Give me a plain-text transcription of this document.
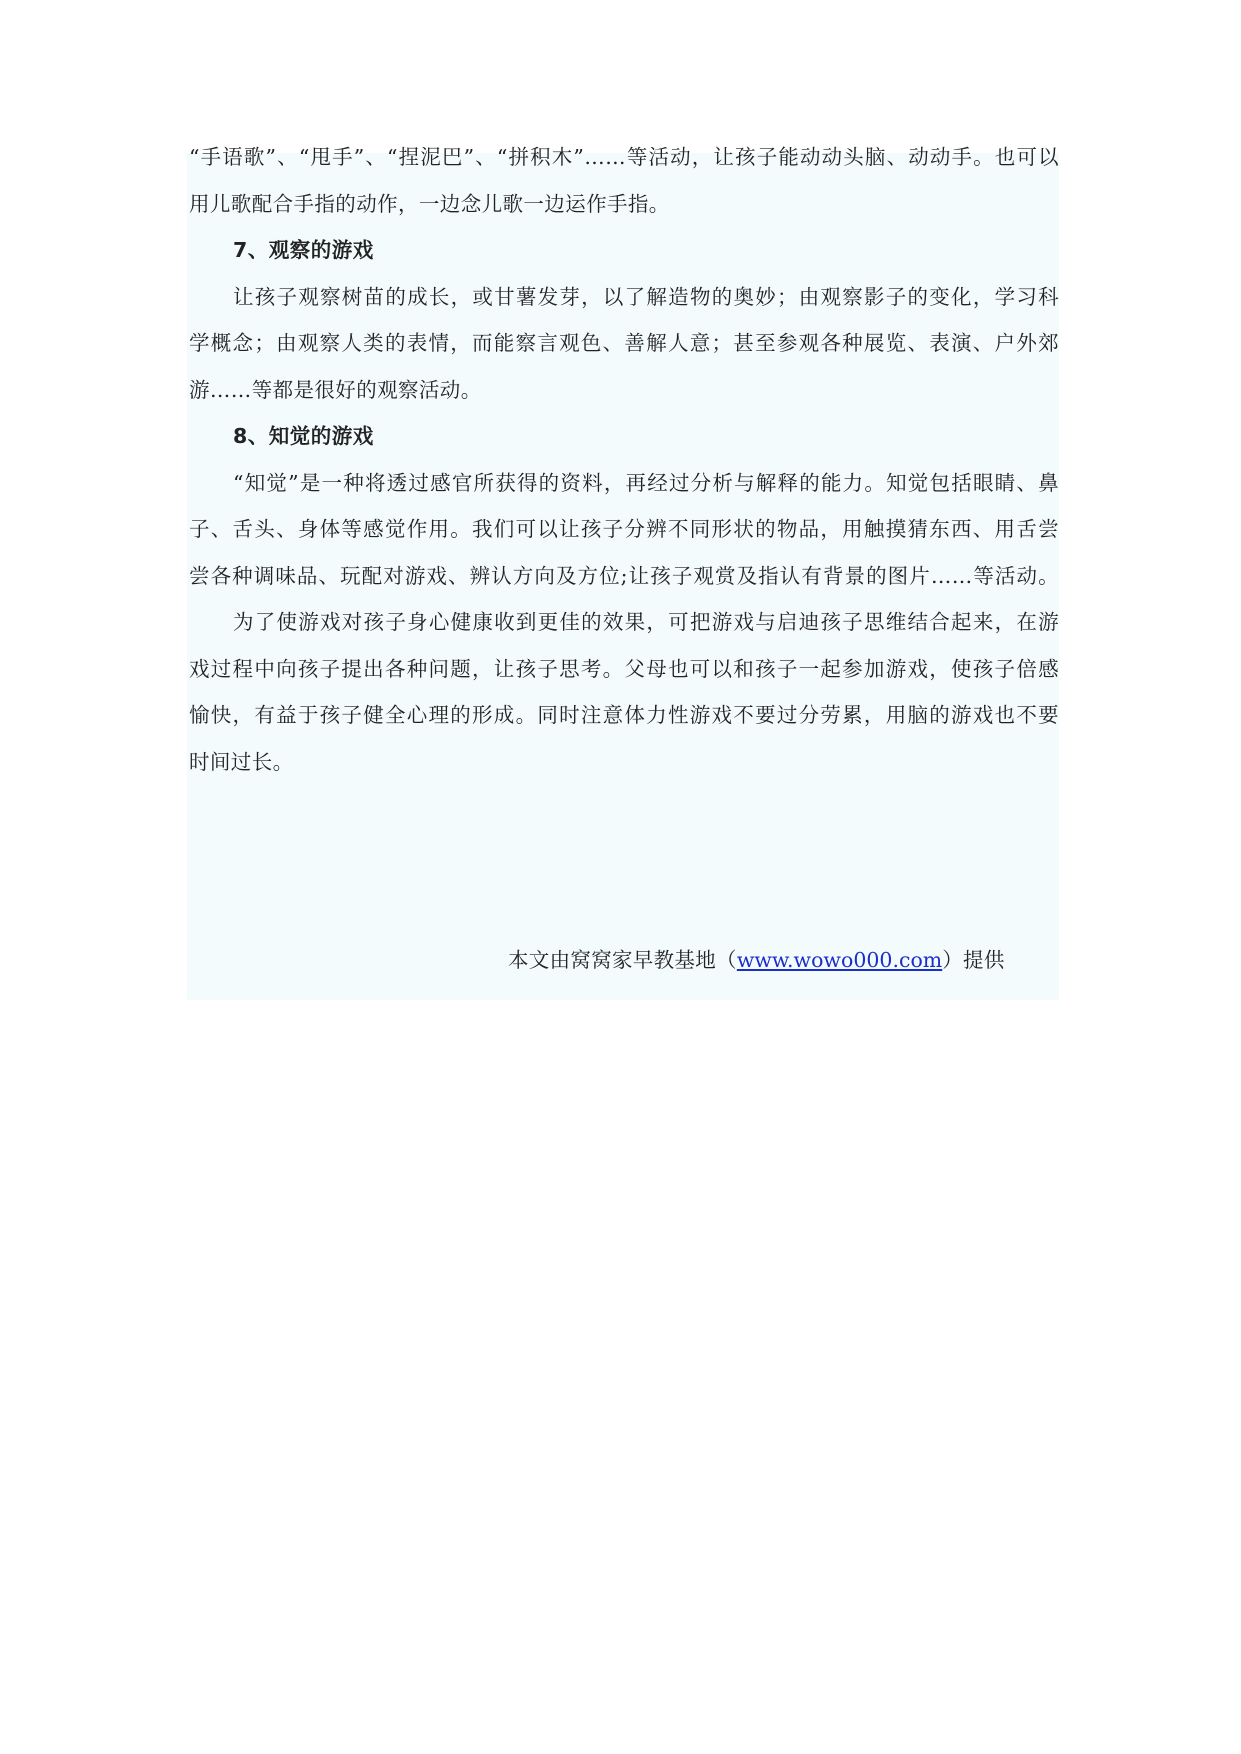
“手语歌”、“甩手”、“捏泥巴”、“拼积木”……等活动，让孩子能动动头脑、动动手。也可以
用儿歌配合手指的动作，一边念儿歌一边运作手指。
7、观察的游戏
让孩子观察树苗的成长，或甘薯发芽，以了解造物的奥妙；由观察影子的变化，学习科
学概念；由观察人类的表情，而能察言观色、善解人意；甚至参观各种展览、表演、户外郊
游……等都是很好的观察活动。
8、知觉的游戏
“知觉”是一种将透过感官所获得的资料，再经过分析与解释的能力。知觉包括眼睛、鼻
子、舌头、身体等感觉作用。我们可以让孩子分辨不同形状的物品，用触摸猜东西、用舌尝
尝各种调味品、玩配对游戏、辨认方向及方位;让孩子观赏及指认有背景的图片……等活动。
为了使游戏对孩子身心健康收到更佳的效果，可把游戏与启迪孩子思维结合起来，在游
戏过程中向孩子提出各种问题，让孩子思考。父母也可以和孩子一起参加游戏，使孩子倍感
愉快，有益于孩子健全心理的形成。同时注意体力性游戏不要过分劳累，用脑的游戏也不要
时间过长。
本文由窝窝家早教基地（www.wowo000.com）提供
